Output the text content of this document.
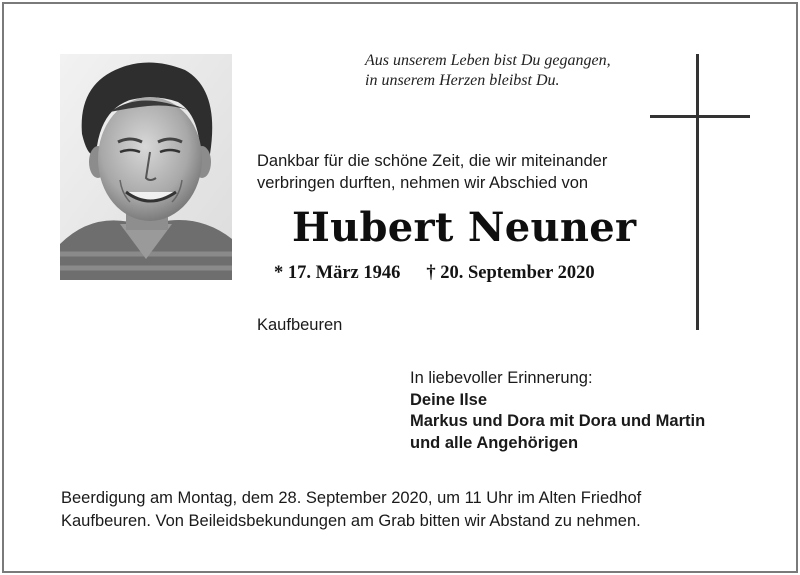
Aus unserem Leben bist Du gegangen,
in unserem Herzen bleibst Du.
Dankbar für die schöne Zeit, die wir miteinander
verbringen durften, nehmen wir Abschied von
Hubert Neuner
* 17. März 1946 † 20. September 2020
Kaufbeuren
In liebevoller Erinnerung:
Deine Ilse
Markus und Dora mit Dora und Martin
und alle Angehörigen
Beerdigung am Montag, dem 28. September 2020, um 11 Uhr im Alten Friedhof
Kaufbeuren. Von Beileidsbekundungen am Grab bitten wir Abstand zu nehmen.
